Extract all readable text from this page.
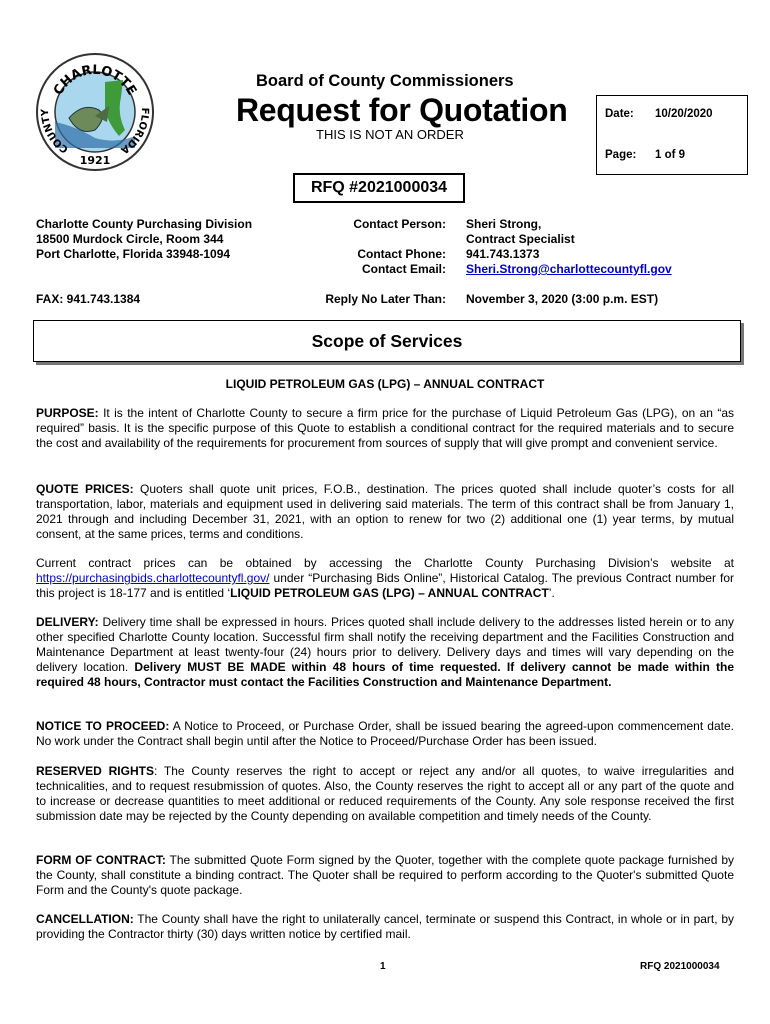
CHARLOTTE
COUNTY	FLORIDA
1921
Board of County Commissioners
Request for Quotation
THIS IS NOT AN ORDER
Date: 10/20/2020
Page: 1 of 9
RFQ #2021000034
Charlotte County Purchasing Division
18500 Murdock Circle, Room 344
Port Charlotte, Florida 33948-1094
FAX: 941.743.1384
Contact Person:

Contact Phone:
Contact Email:
Sheri Strong,
Contract Specialist
941.743.1373
Sheri.Strong@charlottecountyfl.gov
Reply No Later Than: November 3, 2020 (3:00 p.m. EST)
Scope of Services
LIQUID PETROLEUM GAS (LPG) – ANNUAL CONTRACT
PURPOSE: It is the intent of Charlotte County to secure a firm price for the purchase of Liquid Petroleum Gas (LPG), on an “as required” basis. It is the specific purpose of this Quote to establish a conditional contract for the required materials and to secure the cost and availability of the requirements for procurement from sources of supply that will give prompt and convenient service.
QUOTE PRICES: Quoters shall quote unit prices, F.O.B., destination. The prices quoted shall include quoter’s costs for all transportation, labor, materials and equipment used in delivering said materials. The term of this contract shall be from January 1, 2021 through and including December 31, 2021, with an option to renew for two (2) additional one (1) year terms, by mutual consent, at the same prices, terms and conditions.
Current contract prices can be obtained by accessing the Charlotte County Purchasing Division’s website at https://purchasingbids.charlottecountyfl.gov/ under “Purchasing Bids Online”, Historical Catalog. The previous Contract number for this project is 18-177 and is entitled ‘LIQUID PETROLEUM GAS (LPG) – ANNUAL CONTRACT’.
DELIVERY: Delivery time shall be expressed in hours. Prices quoted shall include delivery to the addresses listed herein or to any other specified Charlotte County location. Successful firm shall notify the receiving department and the Facilities Construction and Maintenance Department at least twenty-four (24) hours prior to delivery. Delivery days and times will vary depending on the delivery location. Delivery MUST BE MADE within 48 hours of time requested. If delivery cannot be made within the required 48 hours, Contractor must contact the Facilities Construction and Maintenance Department.
NOTICE TO PROCEED: A Notice to Proceed, or Purchase Order, shall be issued bearing the agreed-upon commencement date. No work under the Contract shall begin until after the Notice to Proceed/Purchase Order has been issued.
RESERVED RIGHTS: The County reserves the right to accept or reject any and/or all quotes, to waive irregularities and technicalities, and to request resubmission of quotes. Also, the County reserves the right to accept all or any part of the quote and to increase or decrease quantities to meet additional or reduced requirements of the County. Any sole response received the first submission date may be rejected by the County depending on available competition and timely needs of the County.
FORM OF CONTRACT: The submitted Quote Form signed by the Quoter, together with the complete quote package furnished by the County, shall constitute a binding contract. The Quoter shall be required to perform according to the Quoter's submitted Quote Form and the County's quote package.
CANCELLATION: The County shall have the right to unilaterally cancel, terminate or suspend this Contract, in whole or in part, by providing the Contractor thirty (30) days written notice by certified mail.
1	RFQ 2021000034
